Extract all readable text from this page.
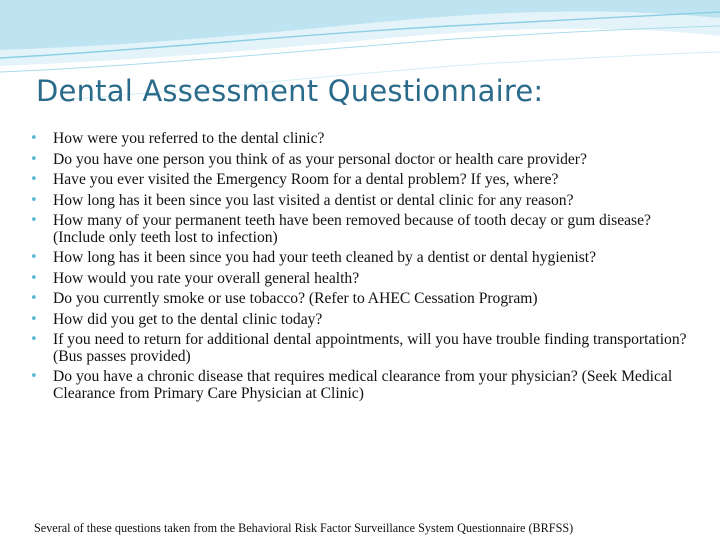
Dental Assessment Questionnaire:
• How were you referred to the dental clinic?
• Do you have one person you think of as your personal doctor or health care provider?
• Have you ever visited the Emergency Room for a dental problem? If yes, where?
• How long has it been since you last visited a dentist or dental clinic for any reason?
• How many of your permanent teeth have been removed because of tooth decay or gum disease? (Include only teeth lost to infection)
• How long has it been since you had your teeth cleaned by a dentist or dental hygienist?
• How would you rate your overall general health?
• Do you currently smoke or use tobacco? (Refer to AHEC Cessation Program)
• How did you get to the dental clinic today?
• If you need to return for additional dental appointments, will you have trouble finding transportation? (Bus passes provided)
• Do you have a chronic disease that requires medical clearance from your physician? (Seek Medical Clearance from Primary Care Physician at Clinic)

Several of these questions taken from the Behavioral Risk Factor Surveillance System Questionnaire (BRFSS)
